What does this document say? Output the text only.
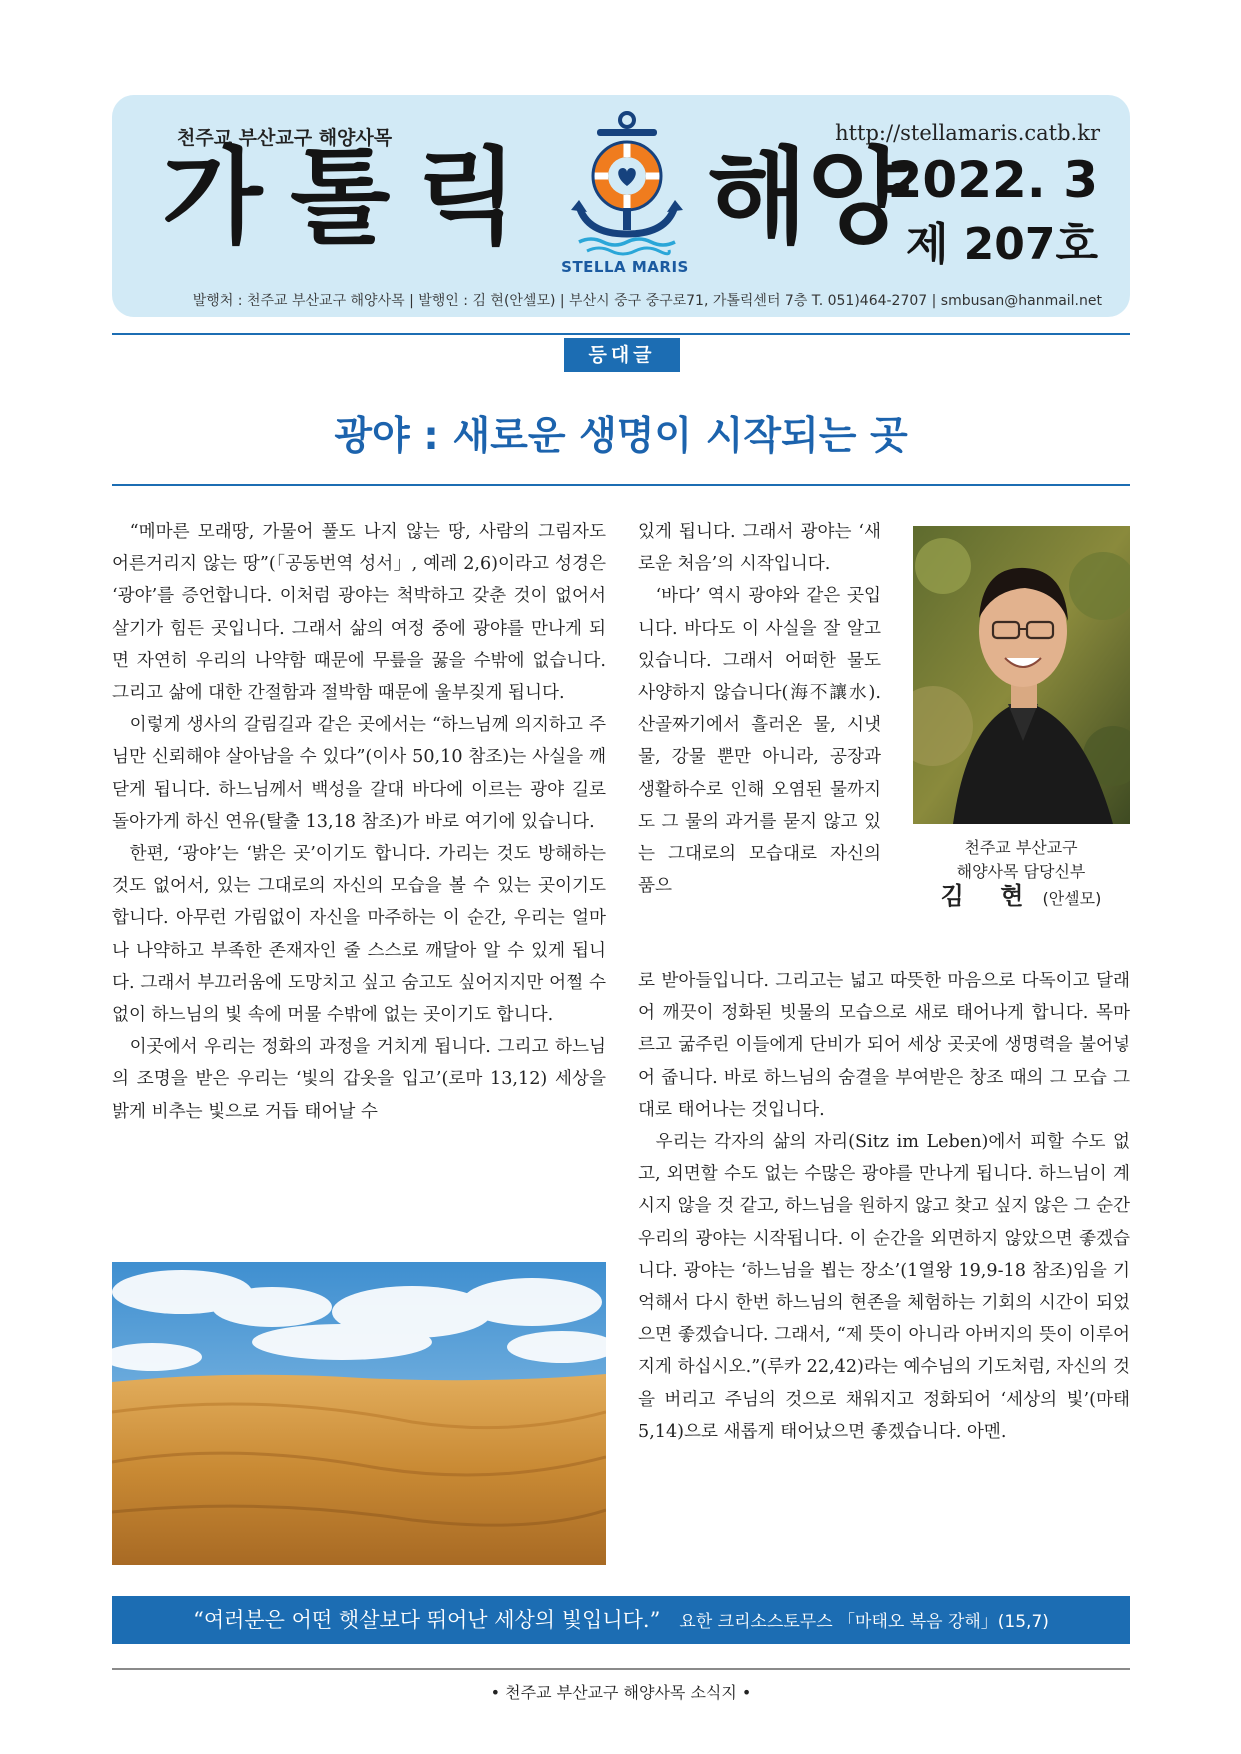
천주교 부산교구 해양사목	http://stellamaris.catb.kr
가 톨 릭 해양
STELLA MARIS
2022. 3
제 207호
발행처 : 천주교 부산교구 해양사목 | 발행인 : 김 현(안셀모) | 부산시 중구 중구로71, 가톨릭센터 7층 T. 051)464-2707 | smbusan@hanmail.net
등대글
광야 : 새로운 생명이 시작되는 곳

“메마른 모래땅, 가물어 풀도 나지 않는 땅, 사람의 그림자도 어른거리지 않는 땅”(「공동번역 성서」, 예레 2,6)이라고 성경은 ‘광야’를 증언합니다. 이처럼 광야는 척박하고 갖춘 것이 없어서 살기가 힘든 곳입니다. 그래서 삶의 여정 중에 광야를 만나게 되면 자연히 우리의 나약함 때문에 무릎을 꿇을 수밖에 없습니다. 그리고 삶에 대한 간절함과 절박함 때문에 울부짖게 됩니다.

이렇게 생사의 갈림길과 같은 곳에서는 “하느님께 의지하고 주님만 신뢰해야 살아남을 수 있다”(이사 50,10 참조)는 사실을 깨닫게 됩니다. 하느님께서 백성을 갈대 바다에 이르는 광야 길로 돌아가게 하신 연유(탈출 13,18 참조)가 바로 여기에 있습니다.

한편, ‘광야’는 ‘밝은 곳’이기도 합니다. 가리는 것도 방해하는 것도 없어서, 있는 그대로의 자신의 모습을 볼 수 있는 곳이기도 합니다. 아무런 가림없이 자신을 마주하는 이 순간, 우리는 얼마나 나약하고 부족한 존재자인 줄 스스로 깨달아 알 수 있게 됩니다. 그래서 부끄러움에 도망치고 싶고 숨고도 싶어지지만 어쩔 수 없이 하느님의 빛 속에 머물 수밖에 없는 곳이기도 합니다.

이곳에서 우리는 정화의 과정을 거치게 됩니다. 그리고 하느님의 조명을 받은 우리는 ‘빛의 갑옷을 입고’(로마 13,12) 세상을 밝게 비추는 빛으로 거듭 태어날 수

있게 됩니다. 그래서 광야는 ‘새로운 처음’의 시작입니다.

‘바다’ 역시 광야와 같은 곳입니다. 바다도 이 사실을 잘 알고 있습니다. 그래서 어떠한 물도 사양하지 않습니다(海不讓水). 산골짜기에서 흘러온 물, 시냇물, 강물 뿐만 아니라, 공장과 생활하수로 인해 오염된 물까지도 그 물의 과거를 묻지 않고 있는 그대로의 모습대로 자신의 품으

로 받아들입니다. 그리고는 넓고 따뜻한 마음으로 다독이고 달래어 깨끗이 정화된 빗물의 모습으로 새로 태어나게 합니다. 목마르고 굶주린 이들에게 단비가 되어 세상 곳곳에 생명력을 불어넣어 줍니다. 바로 하느님의 숨결을 부여받은 창조 때의 그 모습 그대로 태어나는 것입니다.

우리는 각자의 삶의 자리(Sitz im Leben)에서 피할 수도 없고, 외면할 수도 없는 수많은 광야를 만나게 됩니다. 하느님이 계시지 않을 것 같고, 하느님을 원하지 않고 찾고 싶지 않은 그 순간 우리의 광야는 시작됩니다. 이 순간을 외면하지 않았으면 좋겠습니다. 광야는 ‘하느님을 뵙는 장소’(1열왕 19,9-18 참조)임을 기억해서 다시 한번 하느님의 현존을 체험하는 기회의 시간이 되었으면 좋겠습니다. 그래서, “제 뜻이 아니라 아버지의 뜻이 이루어지게 하십시오.”(루카 22,42)라는 예수님의 기도처럼, 자신의 것을 버리고 주님의 것으로 채워지고 정화되어 ‘세상의 빛’(마태 5,14)으로 새롭게 태어났으면 좋겠습니다. 아멘.

천주교 부산교구
해양사목 담당신부
김 현 (안셀모)
“여러분은 어떤 햇살보다 뛰어난 세상의 빛입니다.” 요한 크리소스토무스 「마태오 복음 강해」(15,7)
• 천주교 부산교구 해양사목 소식지 •
